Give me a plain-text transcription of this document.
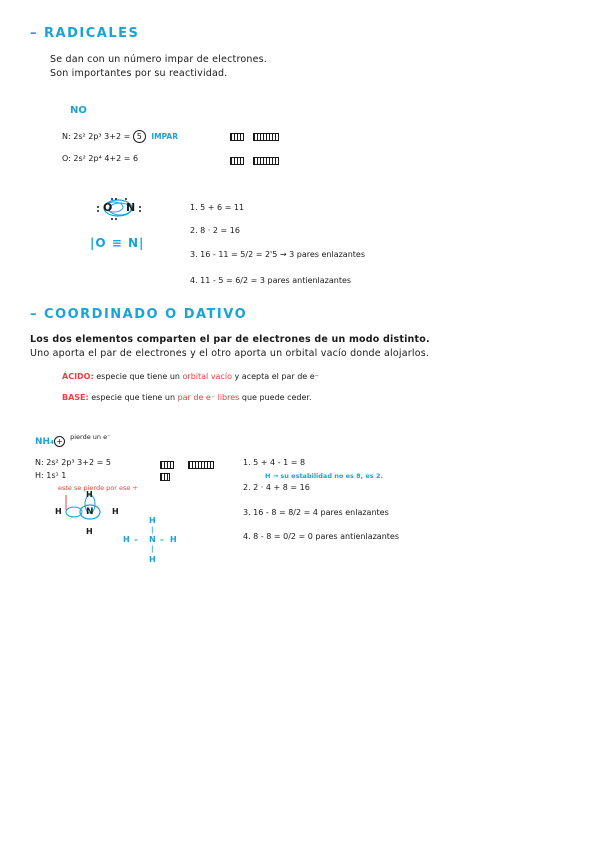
– RADICALES
Se dan con un número impar de electrones.
Son importantes por su reactividad.
NO
N: 2s² 2p³ 3+2 = 5 IMPAR
O: 2s² 2p⁴ 4+2 = 6
O N
|O ≡ N|
1. 5 + 6 = 11
2. 8 · 2 = 16
3. 16 - 11 = 5/2 = 2'5 → 3 pares enlazantes
4. 11 - 5 = 6/2 = 3 pares antienlazantes
– COORDINADO O DATIVO
Los dos elementos comparten el par de electrones de un modo distinto.
Uno aporta el par de electrones y el otro aporta un orbital vacío donde alojarlos.
ÁCIDO: especie que tiene un orbital vacío y acepta el par de e⁻
BASE: especie que tiene un par de e⁻ libres que puede ceder.
NH₄ + $^{pierde un e^-}$
N: 2s² 2p³ 3+2 = 5
H: 1s¹ 1
este se pierde por ese +
H
H	N H
H
H
|
H – N – H
|
H
1. 5 + 4 - 1 = 8
H → su estabilidad no es 8, es 2.
2. 2 · 4 + 8 = 16
3. 16 - 8 = 8/2 = 4 pares enlazantes
4. 8 - 8 = 0/2 = 0 pares antienlazantes
